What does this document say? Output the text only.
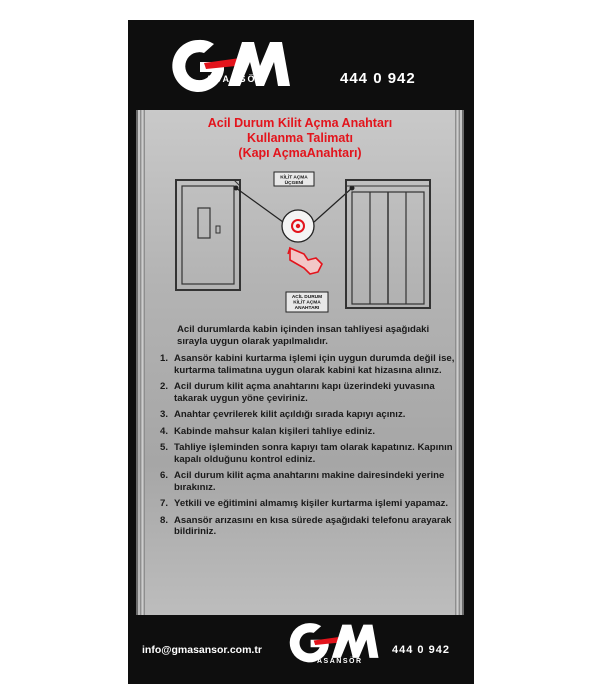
ASANSÖR	444 0 942
Acil Durum Kilit Açma Anahtarı
Kullanma Talimatı
(Kapı AçmaAnahtarı)
KİLİT AÇMA
ÜÇGENİ
ACİL DURUM
KİLİT AÇMA
ANAHTARI
Acil durumlarda kabin içinden insan tahliyesi aşağıdaki sırayla uygun olarak yapılmalıdır.
1. Asansör kabini kurtarma işlemi için uygun durumda değil ise, kurtarma talimatına uygun olarak kabini kat hizasına alınız.
2. Acil durum kilit açma anahtarını kapı üzerindeki yuvasına takarak uygun yöne çeviriniz.
3. Anahtar çevrilerek kilit açıldığı sırada kapıyı açınız.
4. Kabinde mahsur kalan kişileri tahliye ediniz.
5. Tahliye işleminden sonra kapıyı tam olarak kapatınız. Kapının kapalı olduğunu kontrol ediniz.
6. Acil durum kilit açma anahtarını makine dairesindeki yerine bırakınız.
7. Yetkili ve eğitimini almamış kişiler kurtarma işlemi yapamaz.
8. Asansör arızasını en kısa sürede aşağıdaki telefonu arayarak bildiriniz.
info@gmasansor.com.tr
ASANSÖR
444 0 942
